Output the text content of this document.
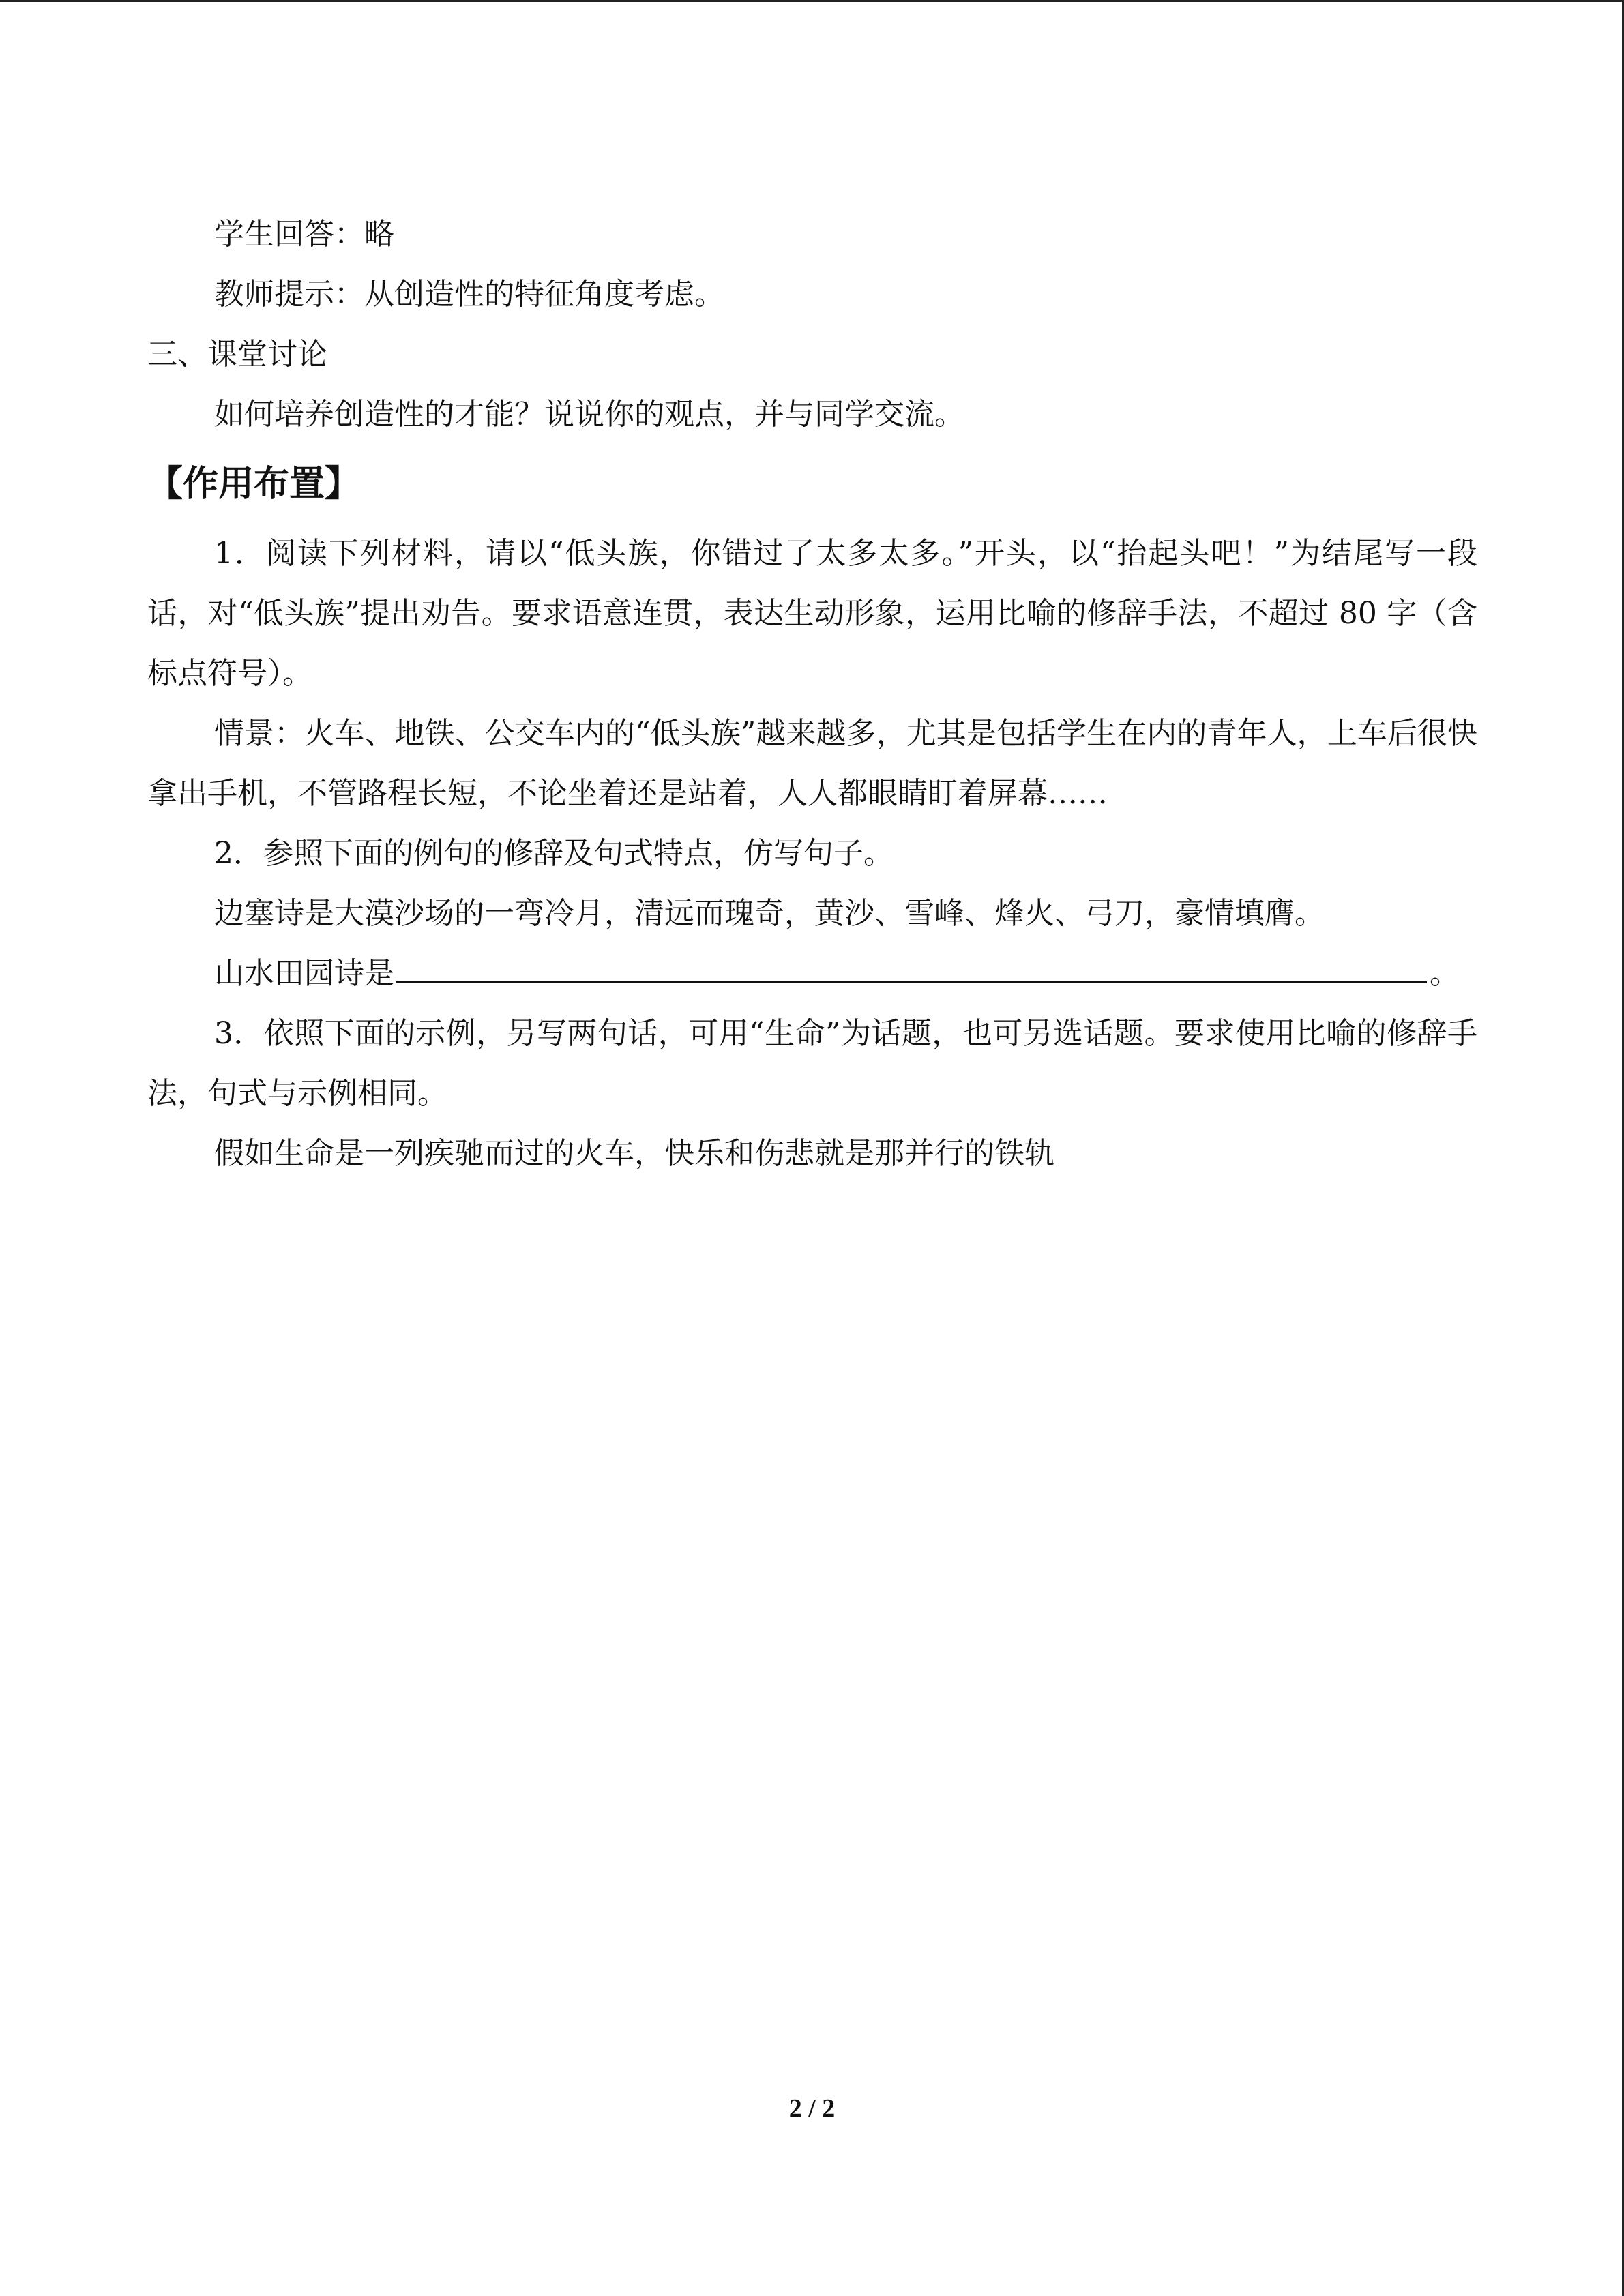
学生回答：略
教师提示：从创造性的特征角度考虑。
三、课堂讨论
如何培养创造性的才能？说说你的观点，并与同学交流。
【作用布置】
1．阅读下列材料，请以“低头族，你错过了太多太多。”开头，以“抬起头吧！”为结尾写一段话，对“低头族”提出劝告。要求语意连贯，表达生动形象，运用比喻的修辞手法，不超过 80 字（含标点符号）。
情景：火车、地铁、公交车内的“低头族”越来越多，尤其是包括学生在内的青年人，上车后很快拿出手机，不管路程长短，不论坐着还是站着，人人都眼睛盯着屏幕……
2．参照下面的例句的修辞及句式特点，仿写句子。
边塞诗是大漠沙场的一弯冷月，清远而瑰奇，黄沙、雪峰、烽火、弓刀，豪情填膺。
山水田园诗是	。
3．依照下面的示例，另写两句话，可用“生命”为话题，也可另选话题。要求使用比喻的修辞手法，句式与示例相同。
假如生命是一列疾驰而过的火车，快乐和伤悲就是那并行的铁轨
2 / 2
